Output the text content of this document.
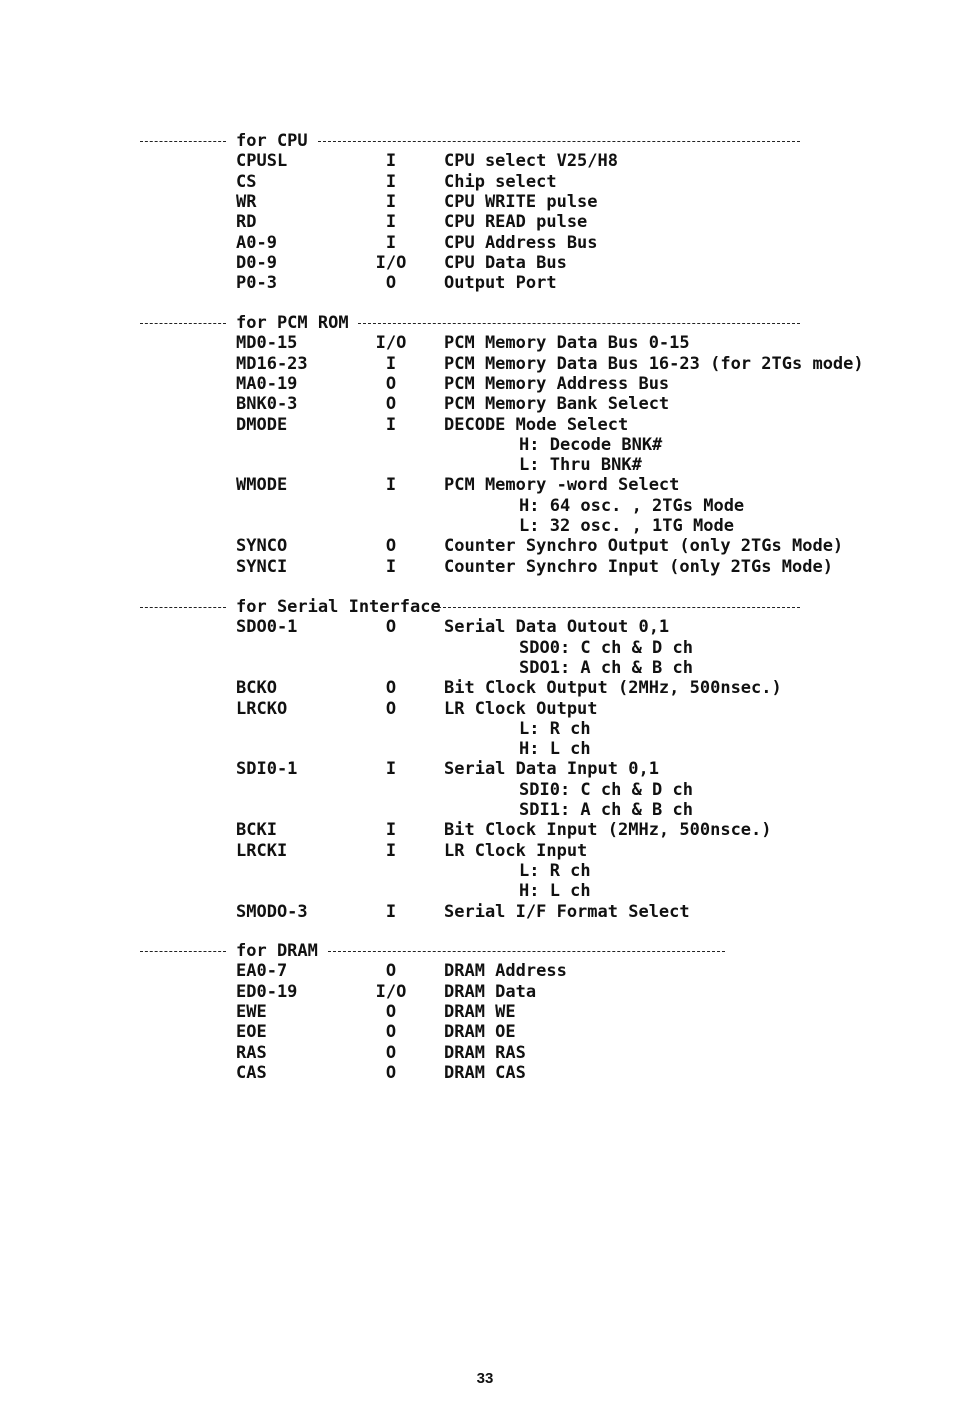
33
for CPU
CPUSL	I	CPU select V25/H8
CS	I	Chip select
WR	I	CPU WRITE pulse
RD	I	CPU READ pulse
A0-9	I	CPU Address Bus
D0-9	I/O CPU Data Bus
P0-3	O	Output Port
for PCM ROM
MD0-15	I/O PCM Memory Data Bus 0-15
MD16-23	I	PCM Memory Data Bus 16-23 (for 2TGs mode)
MA0-19	O	PCM Memory Address Bus
BNK0-3	O	PCM Memory Bank Select
DMODE	I	DECODE Mode Select
H: Decode BNK#
L: Thru BNK#
WMODE	I	PCM Memory -word Select
H: 64 osc. , 2TGs Mode
L: 32 osc. , 1TG Mode
SYNCO	O	Counter Synchro Output (only 2TGs Mode)
SYNCI	I	Counter Synchro Input (only 2TGs Mode)
for Serial Interface
SDO0-1	O	Serial Data Outout 0,1
SDO0: C ch & D ch
SDO1: A ch & B ch
BCKO	O	Bit Clock Output (2MHz, 500nsec.)
LRCKO	O	LR Clock Output
L: R ch
H: L ch
SDI0-1	I	Serial Data Input 0,1
SDI0: C ch & D ch
SDI1: A ch & B ch
BCKI	I	Bit Clock Input (2MHz, 500nsce.)
LRCKI	I	LR Clock Input
L: R ch
H: L ch
SMODO-3	I	Serial I/F Format Select
for DRAM
EA0-7	O	DRAM Address
ED0-19	I/O DRAM Data
EWE	O	DRAM WE
EOE	O	DRAM OE
RAS	O	DRAM RAS
CAS	O	DRAM CAS
